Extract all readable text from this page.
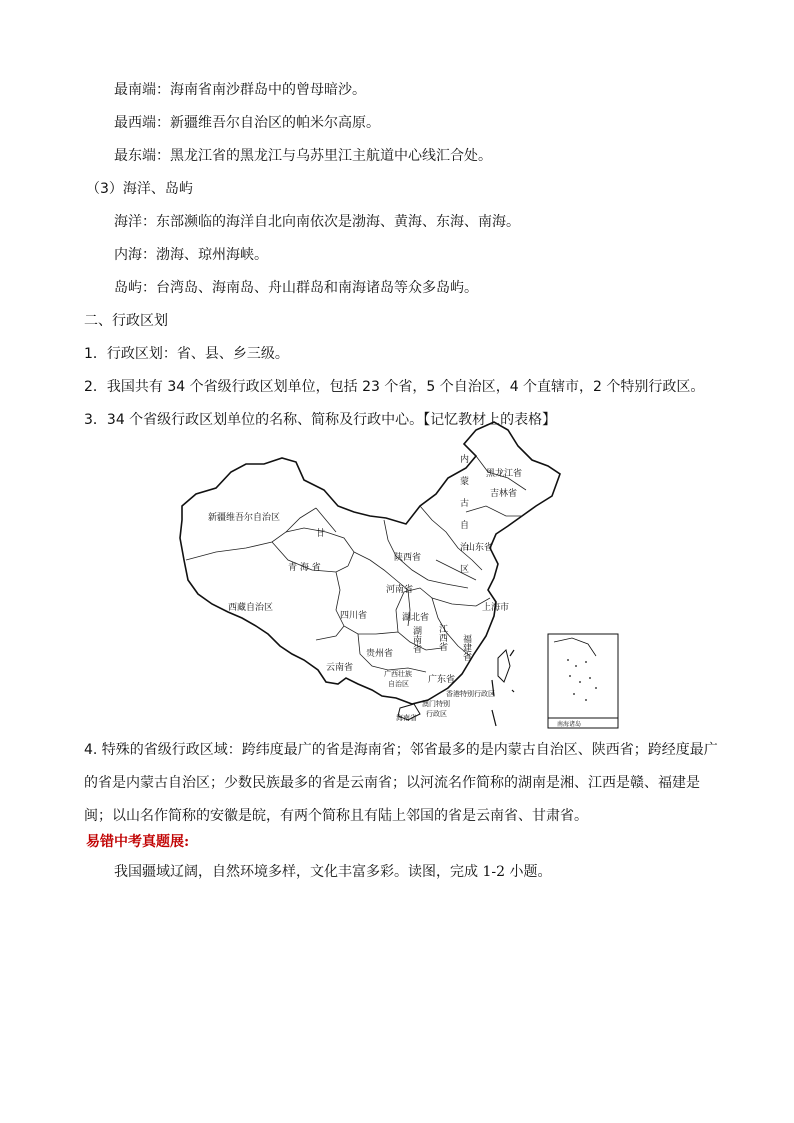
最南端：海南省南沙群岛中的曾母暗沙。
最西端：新疆维吾尔自治区的帕米尔高原。
最东端：黑龙江省的黑龙江与乌苏里江主航道中心线汇合处。
（3）海洋、岛屿
海洋：东部濒临的海洋自北向南依次是渤海、黄海、东海、南海。
内海：渤海、琼州海峡。
岛屿：台湾岛、海南岛、舟山群岛和南海诸岛等众多岛屿。
二、行政区划
1．行政区划：省、县、乡三级。
2．我国共有 34 个省级行政区划单位，包括 23 个省，5 个自治区，4 个直辖市，2 个特别行政区。
3．34 个省级行政区划单位的名称、简称及行政中心。【记忆教材上的表格】
南海诸岛
新疆维吾尔自治区
西藏自治区
青 海 省
四川省
云南省
甘	内蒙古自治区 黑龙江省
吉林省
山东省
河南省
陕西省
上海市
湖北省
湖南省 江西省 福建省
贵州省
广西壮族
自治区 广东省
香港特别行政区
澳门特别
行政区
海南省
4. 特殊的省级行政区域：跨纬度最广的省是海南省；邻省最多的是内蒙古自治区、陕西省；跨经度最广的省是内蒙古自治区；少数民族最多的省是云南省；以河流名作简称的湖南是湘、江西是赣、福建是闽；以山名作简称的安徽是皖，有两个简称且有陆上邻国的省是云南省、甘肃省。
易错中考真题展:
我国疆域辽阔，自然环境多样，文化丰富多彩。读图，完成 1-2 小题。
